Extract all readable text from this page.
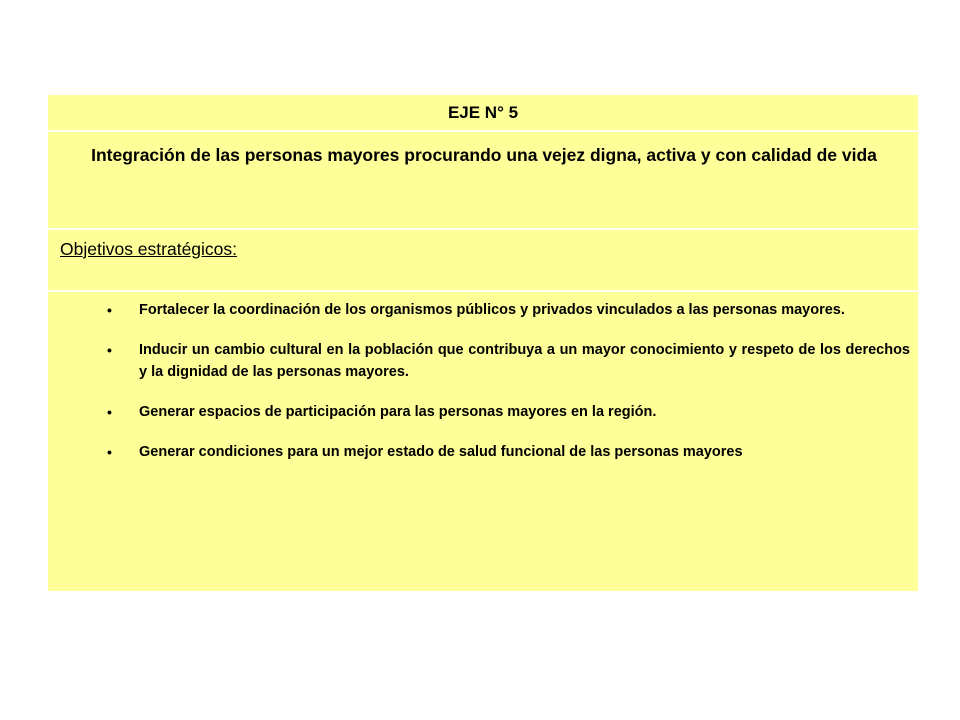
EJE N° 5
Integración de las personas mayores procurando una vejez digna, activa y con calidad de vida
Objetivos estratégicos:
• Fortalecer la coordinación de los organismos públicos y privados vinculados a las personas mayores.
• Inducir un cambio cultural en la población que contribuya a un mayor conocimiento y respeto de los derechos y la dignidad de las personas mayores.
• Generar espacios de participación para las personas mayores en la región.
• Generar condiciones para un mejor estado de salud funcional de las personas mayores
